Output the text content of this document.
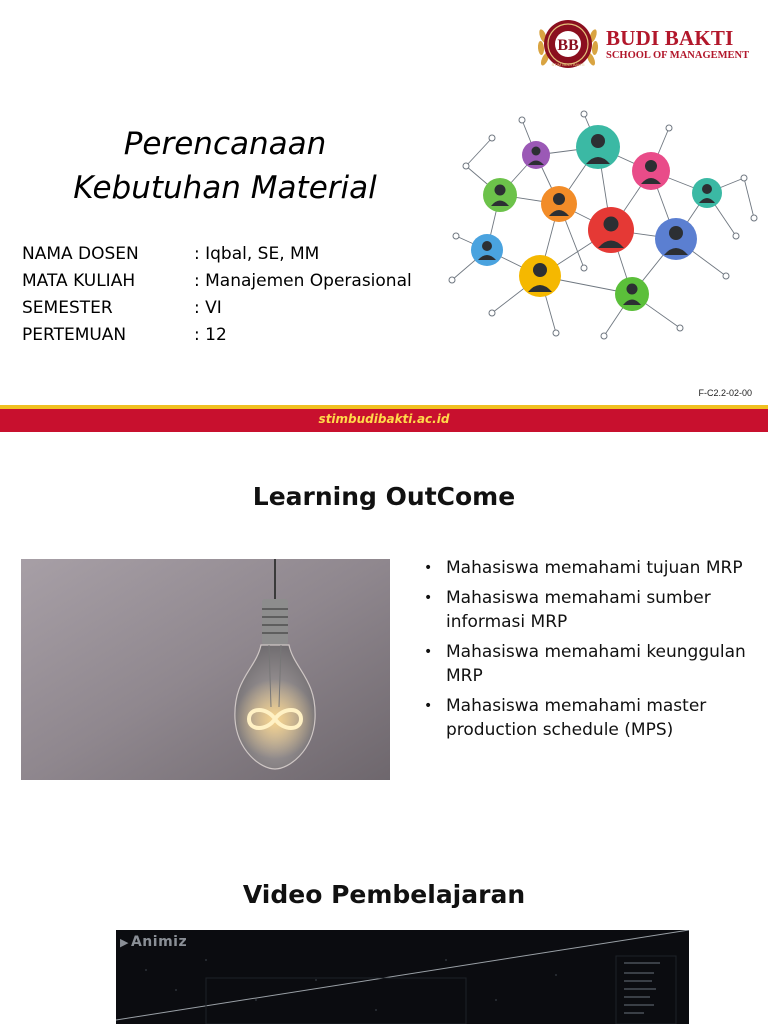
BB
STIM BUDI BAKTI
BUDI BAKTI
SCHOOL OF MANAGEMENT
Perencanaan
Kebutuhan Material
NAMA DOSEN	: Iqbal, SE, MM
MATA KULIAH	: Manajemen Operasional
SEMESTER	: VI
PERTEMUAN	: 12
F-C2.2-02-00
stimbudibakti.ac.id
Learning OutCome
• Mahasiswa memahami tujuan MRP
• Mahasiswa memahami sumber informasi MRP
• Mahasiswa memahami keunggulan MRP
• Mahasiswa memahami master production schedule (MPS)
Video Pembelajaran
▶ Animiz
